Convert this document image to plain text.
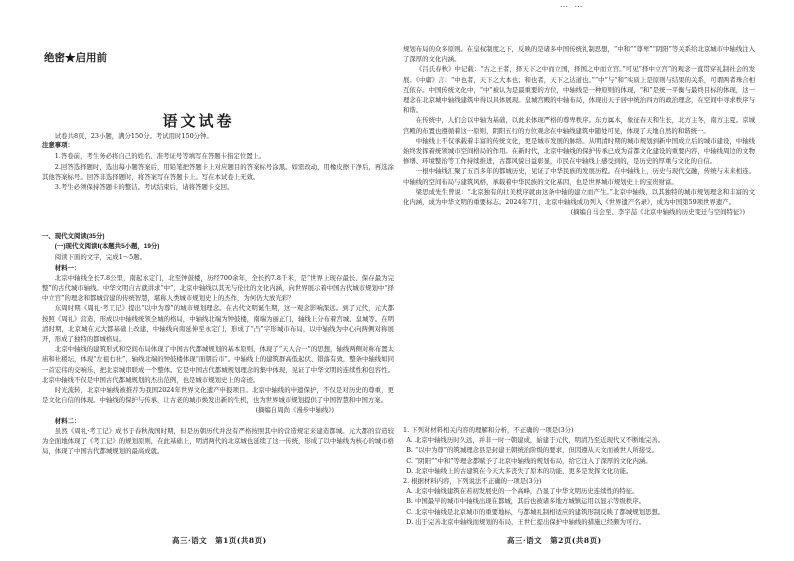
… …
绝密★启用前
语文试卷

试卷共8页，23小题，满分150分。考试用时150分钟。

注意事项：

1.答卷前，考生务必将自己的姓名、准考证号等填写在答题卡指定位置上。

2.回答选择题时，选出每小题答案后，用铅笔把答题卡上对应题目的答案标号涂黑。如需改动，用橡皮擦干净后，再选涂其他答案标号。回答非选择题时，将答案写在答题卡上。写在本试卷上无效。

3.考生必须保持答题卡的整洁。考试结束后，请将答题卡交回。

一、现代文阅读(35分)

(一)现代文阅读Ⅰ(本题共5小题，19分)

阅读下面的文字，完成1～5题。

材料一：

北京中轴线全长7.8公里，南起永定门，北至钟鼓楼，历经700余年，全长约7.8千米，是“世界上现存最长、保存最为完整”的古代城市轴线。中华文明自古就讲求“中”，北京中轴线以其无与伦比的文化内涵，向世界展示着中国古代城市规划中“择中立宫”的理念和都城营建的传统智慧，堪称人类城市规划史上的杰作，为何仍大放光彩？

东周时期《周礼·考工记》提出“以中为尊”的城市规划理念。在古代文明诞生期，这一观念影响深远。到了元代，元大都按照《周礼》营造，形成以中轴线统领全城的格局，中轴线北端为钟鼓楼，南端为丽正门，轴线上分布着宫城、皇城等。在明清时期，北京城在元大都基础上改建，中轴线向南延伸至永定门，形成了“凸”字形城市布局，以中轴线为中心向两侧对称展开，形成了独特的都城格局。

北京中轴线的建筑形式和空间布局体现了中国古代都城规划的基本原则，体现了“天人合一”的思想，轴线两侧对称布置太庙和社稷坛，体现“左祖右社”，轴线北端的钟鼓楼体现“面朝后市”。中轴线上的建筑群高低起伏、错落有致，整条中轴线如同一首宏伟的交响乐，把北京城串联成一个整体。它是中国古代都城规划理念的集中体现，见证了中华文明的连续性和包容性。北京中轴线不仅是中国古代都城规划的杰出范例，也是城市规划史上的奇迹。

时光流转，北京中轴线被推荐为我国2024年世界文化遗产申报项目。北京中轴线的申遗保护，不仅是对历史的尊重，更是文化自信的体现。中轴线的保护与传承，让古老的城市焕发出新的生机，也为世界城市规划提供了中国智慧和中国方案。

(摘编自周尚《漫步中轴线》)

材料二：

虽然《周礼·考工记》成书于春秋战国时期，但是历朝历代并没有严格按照其中的营造规定来建造都城。元大都的营造较为全面地体现了《考工记》的规划原则，在此基础上，明清两代的北京城也延续了这一传统，形成了以中轴线为核心的城市格局，体现了中国古代都城规划的最高成就。

高三·语文　第1页(共8页)

规划布局的众多原则。在皇权制度之下，反映的是诸多中国传统礼制思想，“中和”“尊卑”“阴阳”等关系给北京城市中轴线注入了深厚的文化内涵。

《吕氏春秋》中记载：“古之王者，择天下之中而立国，择国之中而立宫。”可见“择中立宫”的观念一直贯穿礼制社会的发展。《中庸》言：“中也者，天下之大本也；和也者，天下之达道也。”“中”与“和”实质上是原则与结果的关系，可谓两者珠合相互依存。中国传统文化中，“中”被认为是最重要的方位，中轴线是一种原则的体现，“和”是统一平衡与最终目标的体现，这一理念在北京城中轴线建筑中得以具体展现。皇城宫殿的中轴布局，体现出天子居中统治四方的政治理念，在空间中寻求秩序与和谐。

在传统中，人们会以中轴为基础，以此来体现严格的尊卑秩序。东方属木，象征春天和生长，北方主冬，南方主夏。京城宫殿的布置也遵循着这一原则，阴阳五行的方位观念在中轴线建筑中随处可见，体现了天地自然的和谐统一。

中轴线上不仅承载着丰富的传统文化，更是城市发展的脉络。从明清时期的城市规划到新中国成立后的城市建设，中轴线始终发挥着统领城市空间格局的作用。在新时代，北京中轴线的保护传承已成为首都文化建设的重要内容，中轴线周边的文物修缮、环境整治等工作持续推进，古都风貌日益彰显，市民在中轴线上感受到的，是历史的厚重与文化的自信。

一根中轴线汇聚了五百多年的都城历史，见证了中华民族的发展历程。在中轴线上，历史与现代交融，传统与未来相连。中轴线的空间布局与建筑风格，承载着中华民族的文化基因，也是世界城市规划史上的宝贵财富。

梁思成先生曾说：“北京独有的壮美秩序就由这条中轴的建立而产生。”北京中轴线，以其独特的城市规划理念和丰富的文化内涵，成为中华文明的重要标志。2024年7月，北京中轴线成功列入《世界遗产名录》，成为中国第59项世界遗产。

(摘编自马会至、李宇喆《北京中轴线的历史变迁与空间特征》)

1. 下列对材料相关内容的理解和分析，不正确的一项是(3分)

A. 北京中轴线历时久远，并非一时一朝建成，始建于元代，明清乃至近现代又不断地完善。

B. “以中为尊”的筑城理念县是封建王朝统治阶级的要求，但因遵从天文而被世人所接受。

C. “阴阳”“中和”等理念都赋予了北京中轴线的规划布局，给它注入了深厚的文化内涵。

D. 北京中轴线上的古建筑在今天大多丧失了原本的功能，更多是发挥文化功能。

2. 根据材料内容，下列说法不正确的一项是(3分)

A. 北京中轴线建筑在若初发展史的一个高峰，凸显了中华文明历史连续性的特征。

B. 中国最早的城市中轴线出现在都城，其后也被诸多地方城镇运用以显示等级秩序。

C. 北京中轴线是北京城市的重要地标，与都城礼制相适应的建筑形制反映了都城规划思想。

D. 出于完善北京中轴线而规划的布局，王世仁提出保护中轴线的措施已经颇为可行。

高三·语文　第2页(共8页)
